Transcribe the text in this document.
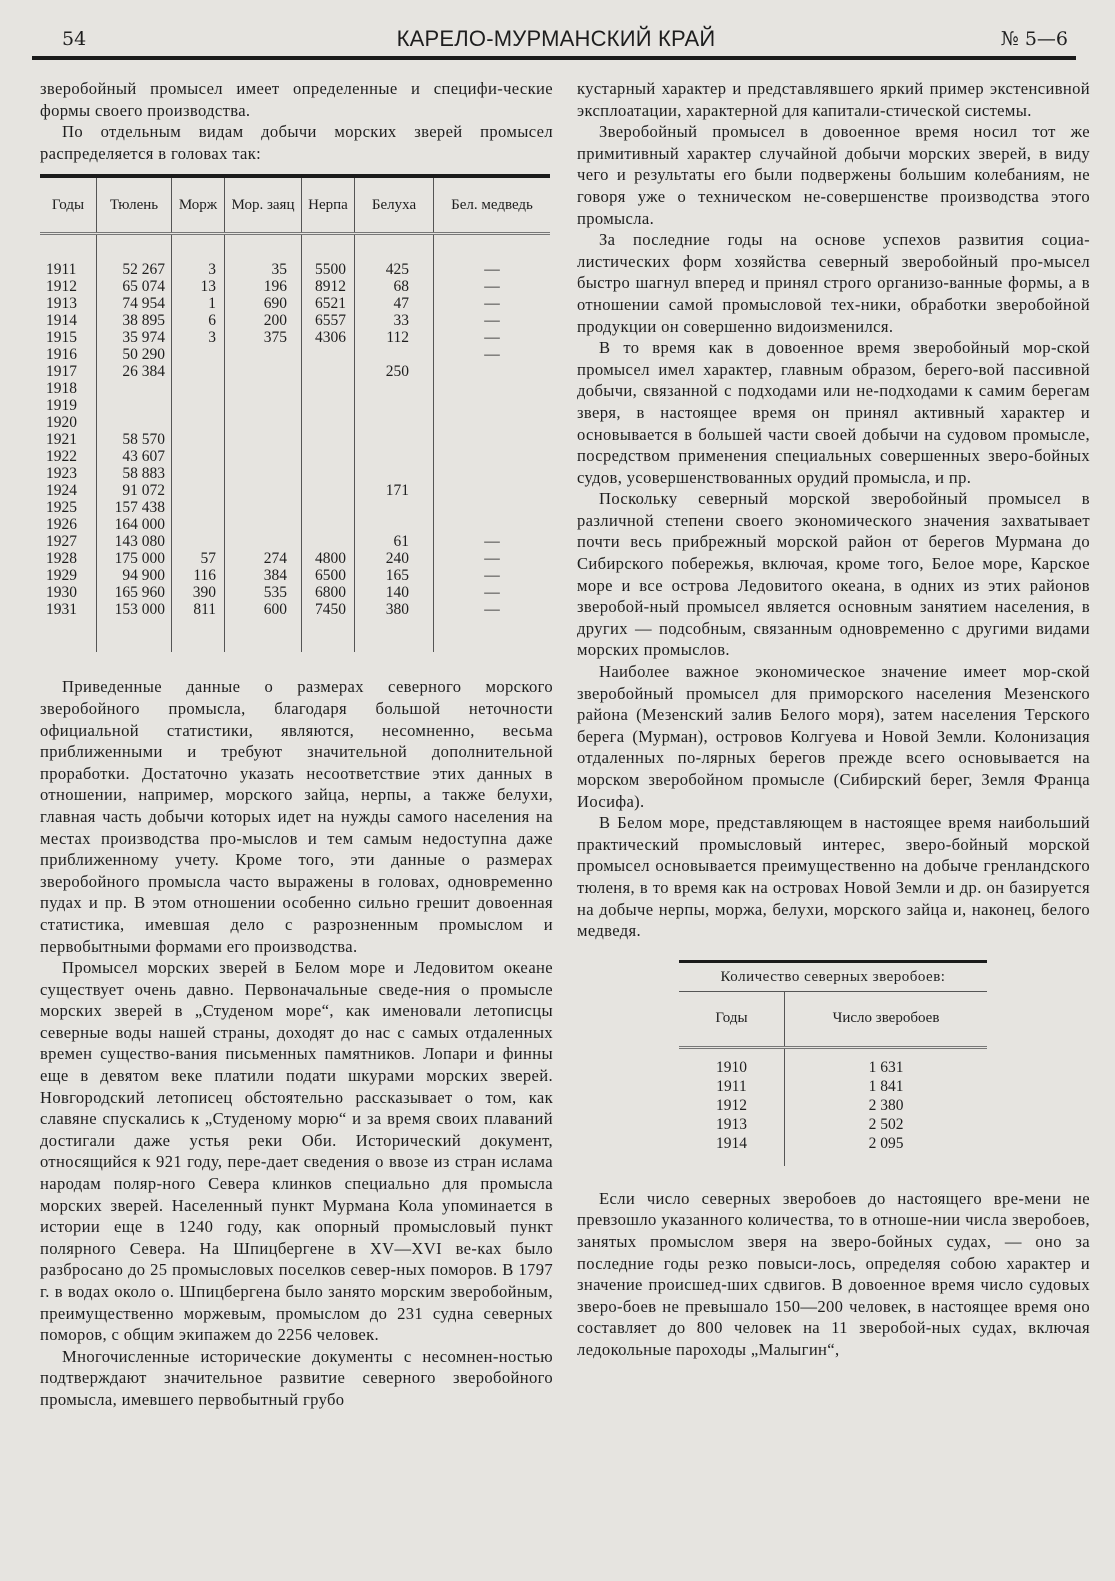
54	КАРЕЛО-МУРМАНСКИЙ КРАЙ	№ 5—6

зверобойный промысел имеет определенные и специфи-ческие формы своего производства.

По отдельным видам добычи морских зверей промысел распределяется в головах так:

Годы	Тюлень	Морж	Мор. заяц	Нерпа	Белуха	Бел. медведь

1911	52 267	3	35	5500	425	—
1912	65 074	13	196	8912	68	—
1913	74 954	1	690	6521	47	—
1914	38 895	6	200	6557	33	—
1915	35 974	3	375	4306	112	—
1916	50 290					—
1917	26 384				250	
1918						
1919						
1920						
1921	58 570					
1922	43 607					
1923	58 883					
1924	91 072				171	
1925	157 438					
1926	164 000					
1927	143 080				61	—
1928	175 000	57	274	4800	240	—
1929	94 900	116	384	6500	165	—
1930	165 960	390	535	6800	140	—
1931	153 000	811	600	7450	380	—

Приведенные данные о размерах северного морского зверобойного промысла, благодаря большой неточности официальной статистики, являются, несомненно, весьма приближенными и требуют значительной дополнительной проработки. Достаточно указать несоответствие этих данных в отношении, например, морского зайца, нерпы, а также белухи, главная часть добычи которых идет на нужды самого населения на местах производства про-мыслов и тем самым недоступна даже приближенному учету. Кроме того, эти данные о размерах зверобойного промысла часто выражены в головах, одновременно пудах и пр. В этом отношении особенно сильно грешит довоенная статистика, имевшая дело с разрозненным промыслом и первобытными формами его производства.

Промысел морских зверей в Белом море и Ледовитом океане существует очень давно. Первоначальные сведе-ния о промысле морских зверей в „Студеном море“, как именовали летописцы северные воды нашей страны, доходят до нас с самых отдаленных времен существо-вания письменных памятников. Лопари и финны еще в девятом веке платили подати шкурами морских зверей. Новгородский летописец обстоятельно рассказывает о том, как славяне спускались к „Студеному морю“ и за время своих плаваний достигали даже устья реки Оби. Исторический документ, относящийся к 921 году, пере-дает сведения о ввозе из стран ислама народам поляр-ного Севера клинков специально для промысла морских зверей. Населенный пункт Мурмана Кола упоминается в истории еще в 1240 году, как опорный промысловый пункт полярного Севера. На Шпицбергене в XV—XVI ве-ках было разбросано до 25 промысловых поселков север-ных поморов. В 1797 г. в водах около о. Шпицбергена было занято морским зверобойным, преимущественно моржевым, промыслом до 231 судна северных поморов, с общим экипажем до 2256 человек.

Многочисленные исторические документы с несомнен-ностью подтверждают значительное развитие северного зверобойного промысла, имевшего первобытный грубо

кустарный характер и представлявшего яркий пример экстенсивной эксплоатации, характерной для капитали-стической системы.

Зверобойный промысел в довоенное время носил тот же примитивный характер случайной добычи морских зверей, в виду чего и результаты его были подвержены большим колебаниям, не говоря уже о техническом не-совершенстве производства этого промысла.

За последние годы на основе успехов развития социа-листических форм хозяйства северный зверобойный про-мысел быстро шагнул вперед и принял строго организо-ванные формы, а в отношении самой промысловой тех-ники, обработки зверобойной продукции он совершенно видоизменился.

В то время как в довоенное время зверобойный мор-ской промысел имел характер, главным образом, берего-вой пассивной добычи, связанной с подходами или не-подходами к самим берегам зверя, в настоящее время он принял активный характер и основывается в большей части своей добычи на судовом промысле, посредством применения специальных совершенных зверо-бойных судов, усовершенствованных орудий промысла, и пр.

Поскольку северный морской зверобойный промысел в различной степени своего экономического значения захватывает почти весь прибрежный морской район от берегов Мурмана до Сибирского побережья, включая, кроме того, Белое море, Карское море и все острова Ледовитого океана, в одних из этих районов зверобой-ный промысел является основным занятием населения, в других — подсобным, связанным одновременно с другими видами морских промыслов.

Наиболее важное экономическое значение имеет мор-ской зверобойный промысел для приморского населения Мезенского района (Мезенский залив Белого моря), затем населения Терского берега (Мурман), островов Колгуева и Новой Земли. Колонизация отдаленных по-лярных берегов прежде всего основывается на морском зверобойном промысле (Сибирский берег, Земля Франца Иосифа).

В Белом море, представляющем в настоящее время наибольший практический промысловый интерес, зверо-бойный морской промысел основывается преимущественно на добыче гренландского тюленя, в то время как на островах Новой Земли и др. он базируется на добыче нерпы, моржа, белухи, морского зайца и, наконец, белого медведя.

Количество северных зверобоев:
Годы	Число зверобоев
1910	1 631
1911	1 841
1912	2 380
1913	2 502
1914	2 095

Если число северных зверобоев до настоящего вре-мени не превзошло указанного количества, то в отноше-нии числа зверобоев, занятых промыслом зверя на зверо-бойных судах, — оно за последние годы резко повыси-лось, определяя собою характер и значение происшед-ших сдвигов. В довоенное время число судовых зверо-боев не превышало 150—200 человек, в настоящее время оно составляет до 800 человек на 11 зверобой-ных судах, включая ледокольные пароходы „Малыгин“,
